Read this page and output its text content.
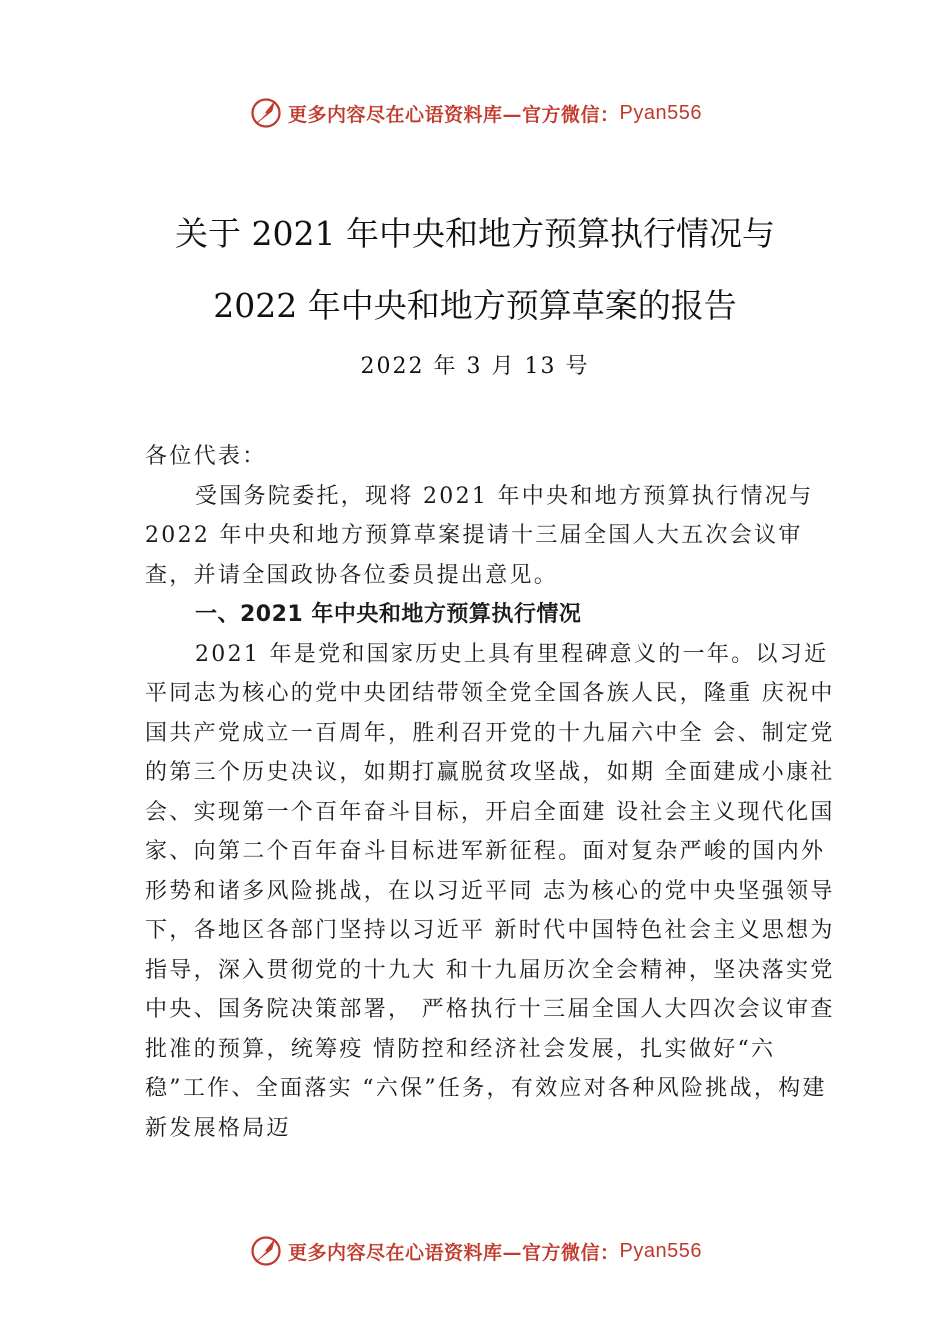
更多内容尽在心语资料库—官方微信： Pyan556
关于 2021 年中央和地方预算执行情况与
2022 年中央和地方预算草案的报告
2022 年 3 月 13 号

各位代表：

受国务院委托，现将 2021 年中央和地方预算执行情况与 2022 年中央和地方预算草案提请十三届全国人大五次会议审查，并请全国政协各位委员提出意见。

一、2021 年中央和地方预算执行情况

2021 年是党和国家历史上具有里程碑意义的一年。以习近平同志为核心的党中央团结带领全党全国各族人民，隆重 庆祝中国共产党成立一百周年，胜利召开党的十九届六中全 会、制定党的第三个历史决议，如期打赢脱贫攻坚战，如期 全面建成小康社会、实现第一个百年奋斗目标，开启全面建 设社会主义现代化国家、向第二个百年奋斗目标进军新征程。面对复杂严峻的国内外形势和诸多风险挑战，在以习近平同 志为核心的党中央坚强领导下，各地区各部门坚持以习近平 新时代中国特色社会主义思想为指导，深入贯彻党的十九大 和十九届历次全会精神，坚决落实党中央、国务院决策部署， 严格执行十三届全国人大四次会议审查批准的预算，统筹疫 情防控和经济社会发展，扎实做好“六稳”工作、全面落实 “六保”任务，有效应对各种风险挑战，构建新发展格局迈

更多内容尽在心语资料库—官方微信： Pyan556
